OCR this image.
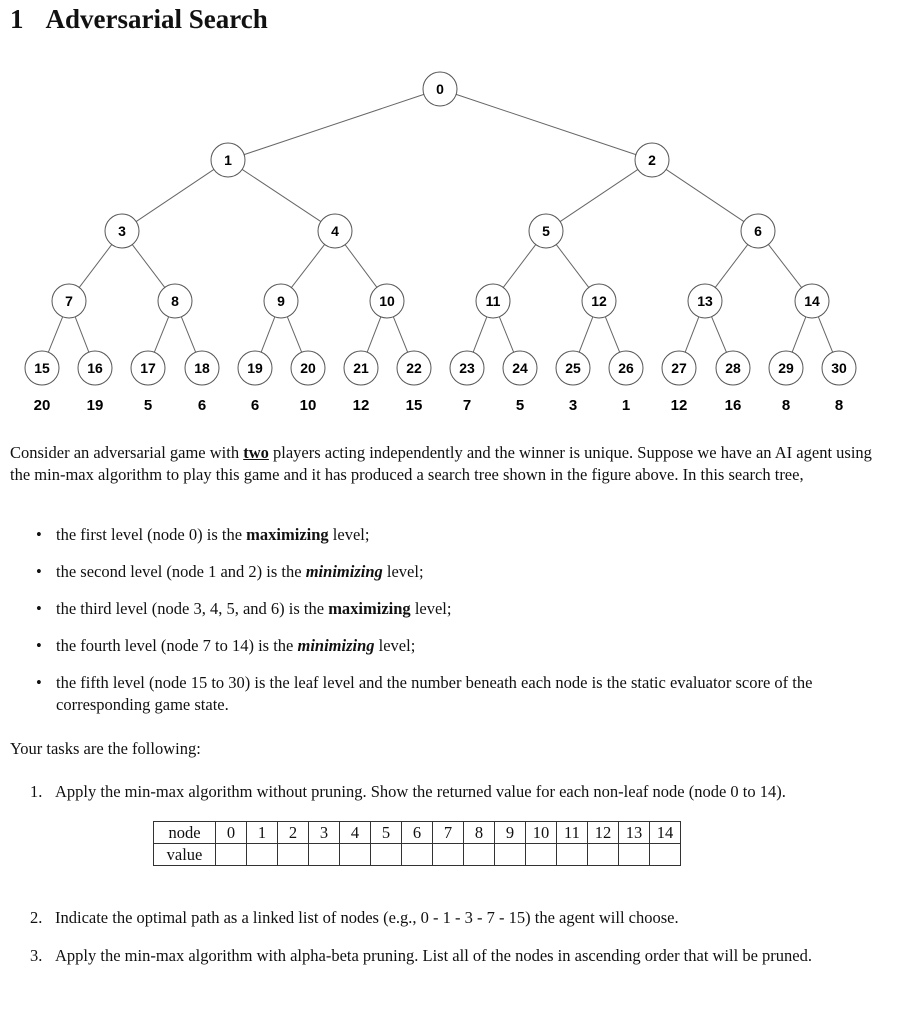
1 Adversarial Search
0
1	2
3	4	5	6
7	8	9	10	11	12	13	14
15	16	17	18	19	20	21	22	23	24	25	26	27	28	29	30
20 19	5	6	6	10 12 15	7	5	3	1	12 16	8	8

Consider an adversarial game with two players acting independently and the winner is unique. Suppose we have an AI agent using the min-max algorithm to play this game and it has produced a search tree shown in the figure above. In this search tree,

• the first level (node 0) is the maximizing level;
• the second level (node 1 and 2) is the minimizing level;
• the third level (node 3, 4, 5, and 6) is the maximizing level;
• the fourth level (node 7 to 14) is the minimizing level;
• the fifth level (node 15 to 30) is the leaf level and the number beneath each node is the static evaluator score of the corresponding game state.
Your tasks are the following:
1. Apply the min-max algorithm without pruning. Show the returned value for each non-leaf node (node 0 to 14).
node	0	1	2	3	4	5	6	7	8	9	10	11	12	13	14
value															
2. Indicate the optimal path as a linked list of nodes (e.g., 0 - 1 - 3 - 7 - 15) the agent will choose.
3. Apply the min-max algorithm with alpha-beta pruning. List all of the nodes in ascending order that will be pruned.
